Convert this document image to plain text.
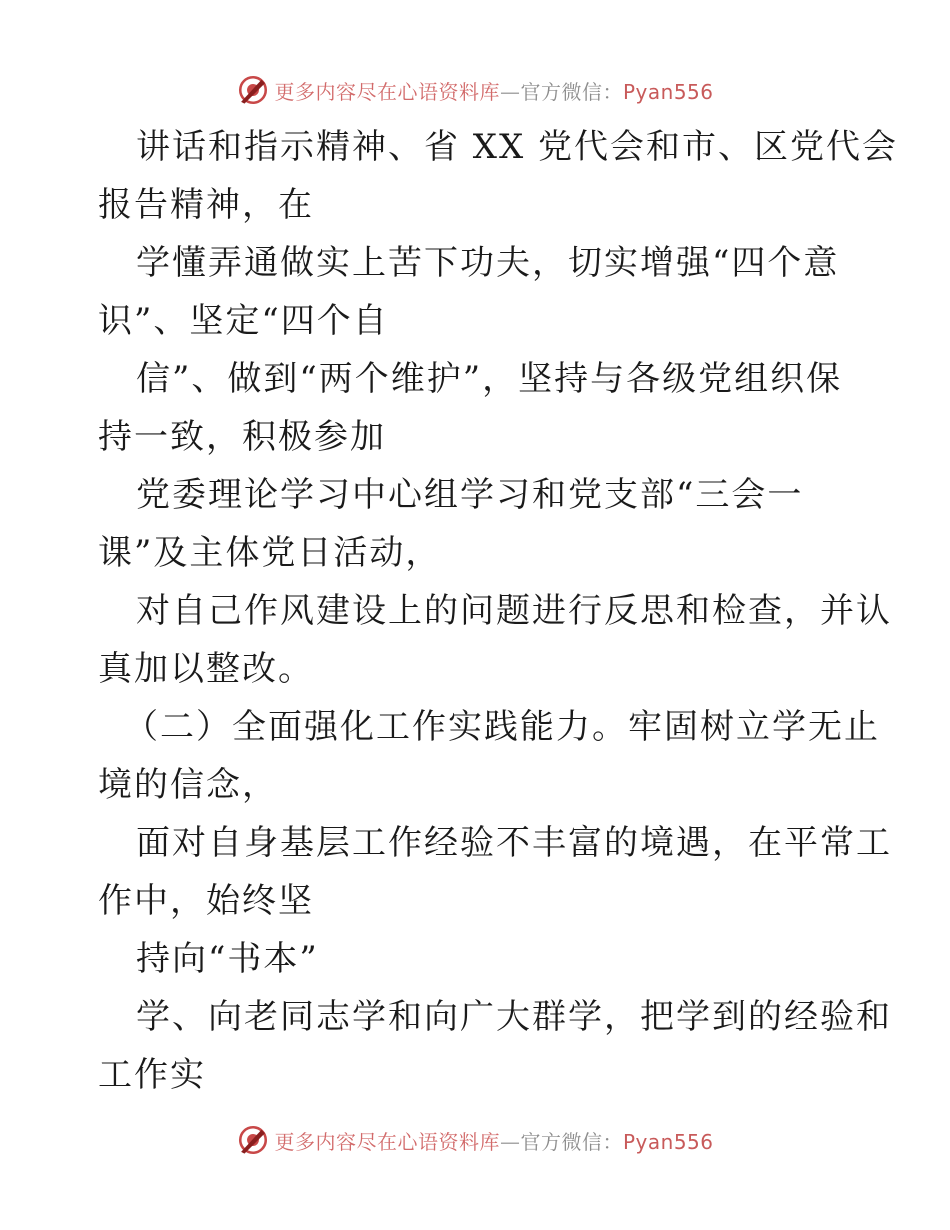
更多内容尽在心语资料库—官方微信：Pyan556
讲话和指示精神、省 XX 党代会和市、区党代会
报告精神，在
学懂弄通做实上苦下功夫，切实增强“四个意
识”、坚定“四个自
信”、做到“两个维护”，坚持与各级党组织保
持一致，积极参加
党委理论学习中心组学习和党支部“三会一
课”及主体党日活动，
对自己作风建设上的问题进行反思和检查，并认
真加以整改。
（二）全面强化工作实践能力。牢固树立学无止
境的信念，
面对自身基层工作经验不丰富的境遇，在平常工
作中，始终坚
持向“书本”
学、向老同志学和向广大群学，把学到的经验和
工作实
更多内容尽在心语资料库—官方微信：Pyan556
